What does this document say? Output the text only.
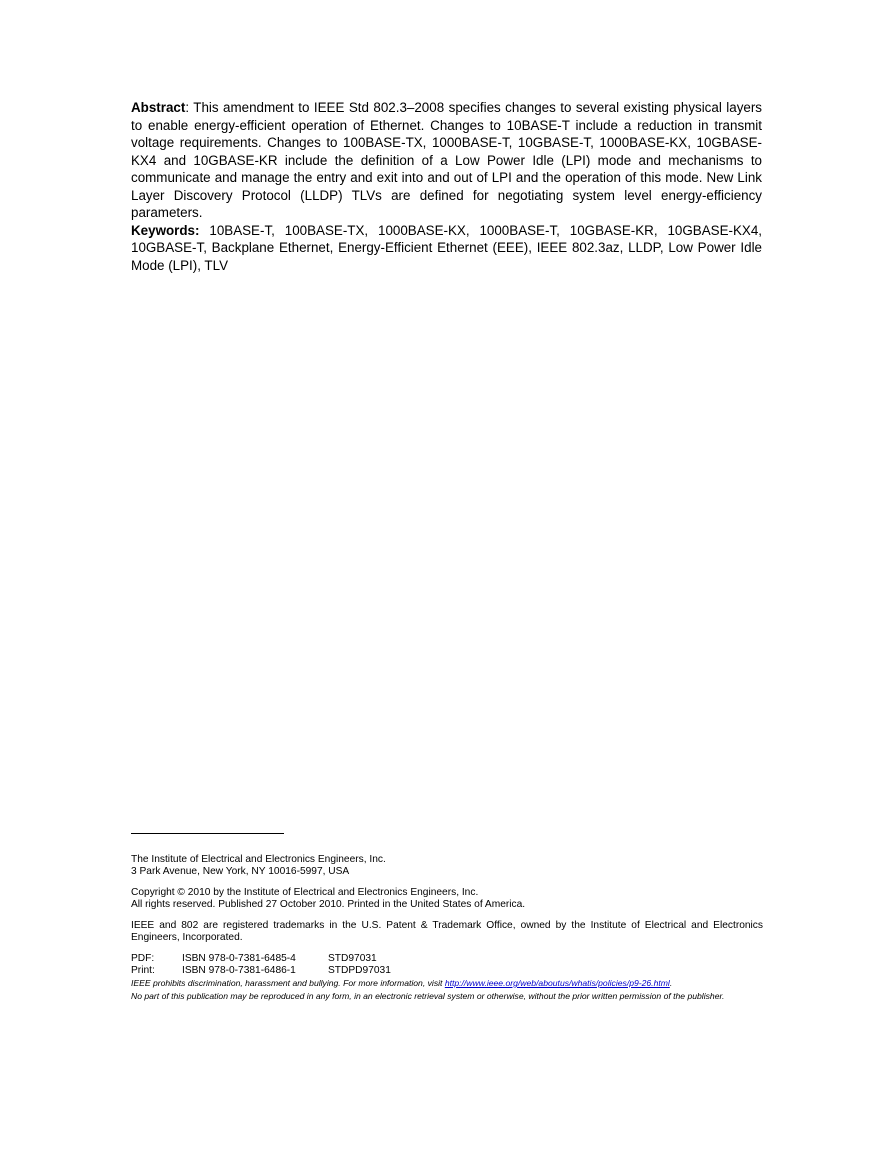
Abstract: This amendment to IEEE Std 802.3–2008 specifies changes to several existing physical layers to enable energy-efficient operation of Ethernet. Changes to 10BASE-T include a reduction in transmit voltage requirements. Changes to 100BASE-TX, 1000BASE-T, 10GBASE-T, 1000BASE-KX, 10GBASE-KX4 and 10GBASE-KR include the definition of a Low Power Idle (LPI) mode and mechanisms to communicate and manage the entry and exit into and out of LPI and the operation of this mode. New Link Layer Discovery Protocol (LLDP) TLVs are defined for negotiating system level energy-efficiency parameters.

Keywords: 10BASE-T, 100BASE-TX, 1000BASE-KX, 1000BASE-T, 10GBASE-KR, 10GBASE-KX4, 10GBASE-T, Backplane Ethernet, Energy-Efficient Ethernet (EEE), IEEE 802.3az, LLDP, Low Power Idle Mode (LPI), TLV

The Institute of Electrical and Electronics Engineers, Inc.

3 Park Avenue, New York, NY 10016-5997, USA

Copyright © 2010 by the Institute of Electrical and Electronics Engineers, Inc.

All rights reserved. Published 27 October 2010. Printed in the United States of America.

IEEE and 802 are registered trademarks in the U.S. Patent & Trademark Office, owned by the Institute of Electrical and Electronics Engineers, Incorporated.

PDF:	ISBN 978-0-7381-6485-4	STD97031
Print:	ISBN 978-0-7381-6486-1	STDPD97031

IEEE prohibits discrimination, harassment and bullying. For more information, visit http://www.ieee.org/web/aboutus/whatis/policies/p9-26.html.
No part of this publication may be reproduced in any form, in an electronic retrieval system or otherwise, without the prior written permission of the publisher.
